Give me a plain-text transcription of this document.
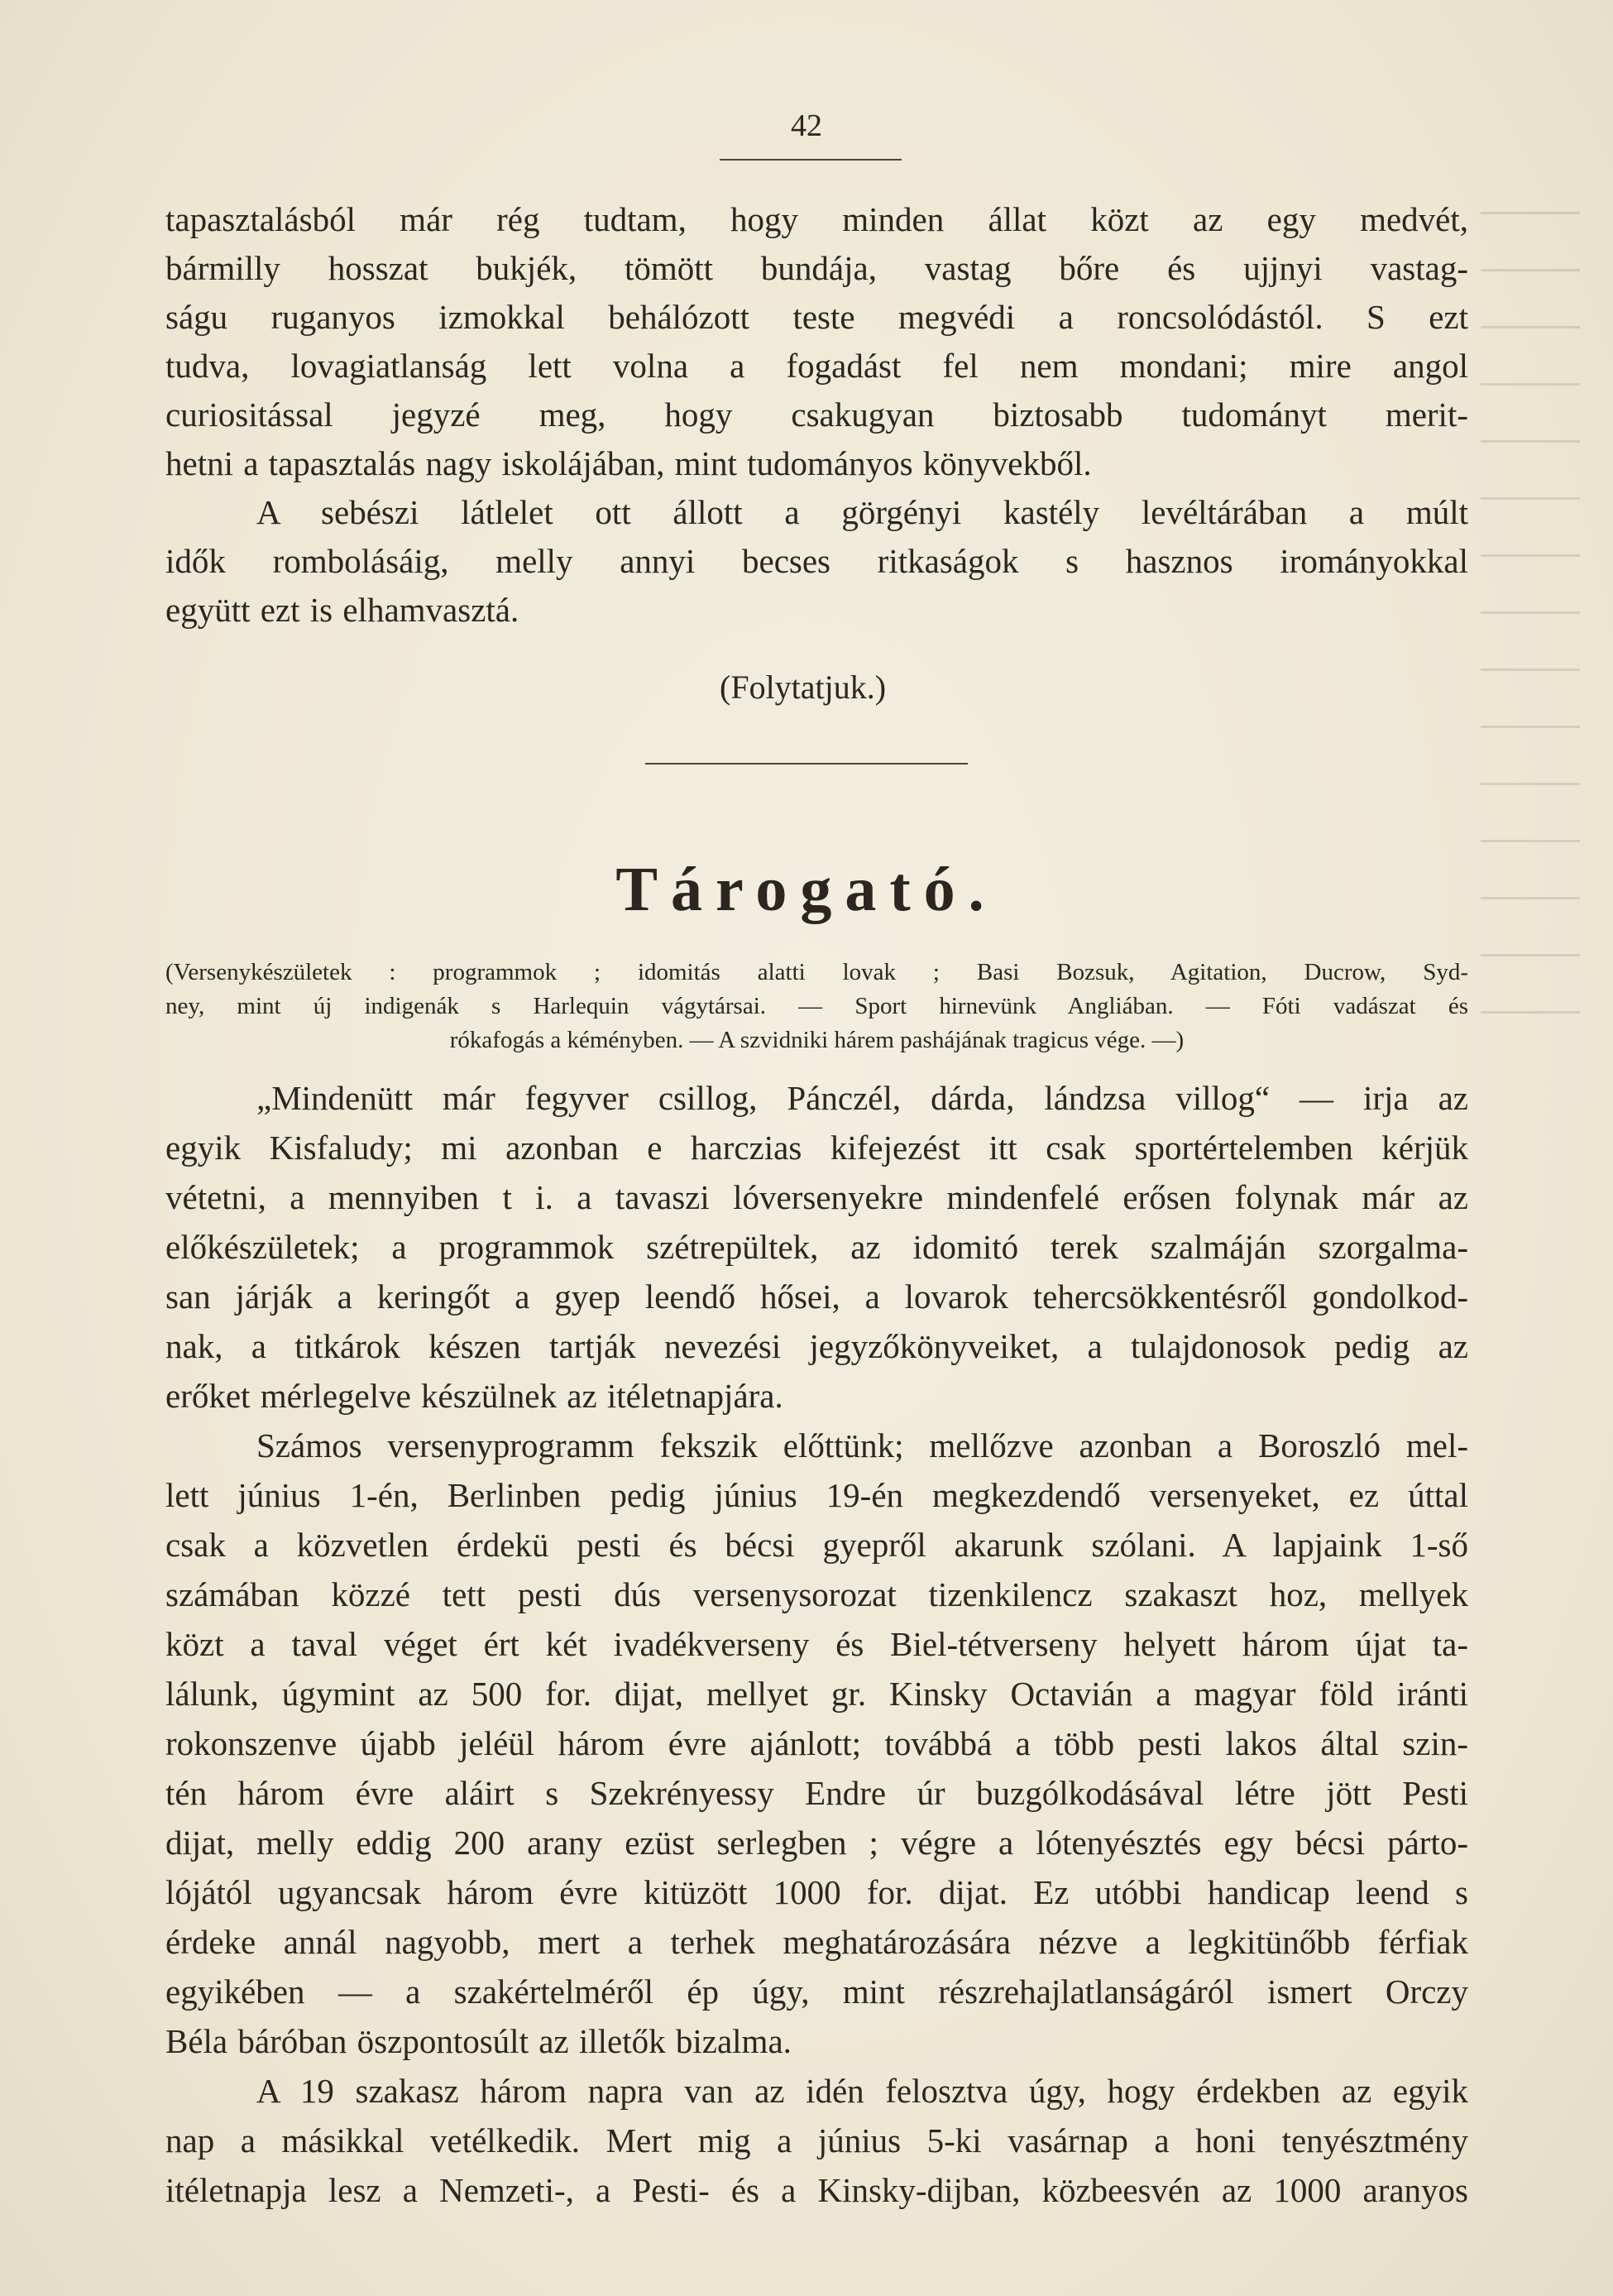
42
tapasztalásból már rég tudtam, hogy minden állat közt az egy medvét,
bármilly hosszat bukjék, tömött bundája, vastag bőre és ujjnyi vastag-
ságu ruganyos izmokkal behálózott teste megvédi a roncsolódástól. S ezt
tudva, lovagiatlanság lett volna a fogadást fel nem mondani; mire angol
curiositással jegyzé meg, hogy csakugyan biztosabb tudományt merit-
hetni a tapasztalás nagy iskolájában, mint tudományos könyvekből.
A sebészi látlelet ott állott a görgényi kastély levéltárában a múlt
idők rombolásáig, melly annyi becses ritkaságok s hasznos irományokkal
együtt ezt is elhamvasztá.
(Folytatjuk.)
Tárogató.
(Versenykészületek : programmok ; idomitás alatti lovak ; Basi Bozsuk, Agitation, Ducrow, Syd-
ney, mint új indigenák s Harlequin vágytársai. — Sport hirnevünk Angliában. — Fóti vadászat és
rókafogás a kéményben. — A szvidniki hárem pashájának tragicus vége. —)
„Mindenütt már fegyver csillog, Pánczél, dárda, lándzsa villog“ — irja az
egyik Kisfaludy; mi azonban e harczias kifejezést itt csak sportértelemben kérjük
vétetni, a mennyiben t i. a tavaszi lóversenyekre mindenfelé erősen folynak már az
előkészületek; a programmok szétrepültek, az idomitó terek szalmáján szorgalma-
san járják a keringőt a gyep leendő hősei, a lovarok tehercsökkentésről gondolkod-
nak, a titkárok készen tartják nevezési jegyzőkönyveiket, a tulajdonosok pedig az
erőket mérlegelve készülnek az itéletnapjára.
Számos versenyprogramm fekszik előttünk; mellőzve azonban a Boroszló mel-
lett június 1-én, Berlinben pedig június 19-én megkezdendő versenyeket, ez úttal
csak a közvetlen érdekü pesti és bécsi gyepről akarunk szólani. A lapjaink 1-ső
számában közzé tett pesti dús versenysorozat tizenkilencz szakaszt hoz, mellyek
közt a taval véget ért két ivadékverseny és Biel-tétverseny helyett három újat ta-
lálunk, úgymint az 500 for. dijat, mellyet gr. Kinsky Octavián a magyar föld iránti
rokonszenve újabb jeléül három évre ajánlott; továbbá a több pesti lakos által szin-
tén három évre aláirt s Szekrényessy Endre úr buzgólkodásával létre jött Pesti
dijat, melly eddig 200 arany ezüst serlegben ; végre a lótenyésztés egy bécsi párto-
lójától ugyancsak három évre kitüzött 1000 for. dijat. Ez utóbbi handicap leend s
érdeke annál nagyobb, mert a terhek meghatározására nézve a legkitünőbb férfiak
egyikében — a szakértelméről ép úgy, mint részrehajlatlanságáról ismert Orczy
Béla báróban öszpontosúlt az illetők bizalma.
A 19 szakasz három napra van az idén felosztva úgy, hogy érdekben az egyik
nap a másikkal vetélkedik. Mert mig a június 5-ki vasárnap a honi tenyésztmény
itéletnapja lesz a Nemzeti-, a Pesti- és a Kinsky-dijban, közbeesvén az 1000 aranyos
